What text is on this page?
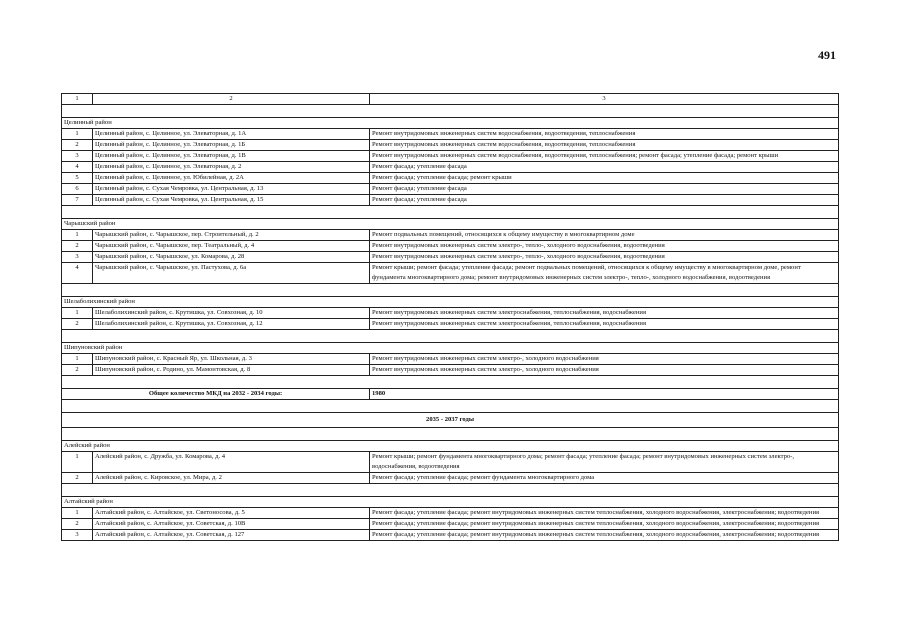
491
1	2	3

Целинный район		
1	Целинный район, с. Целинное, ул. Элеваторная, д. 1А	Ремонт внутридомовых инженерных систем водоснабжения, водоотведения, теплоснабжения
2	Целинный район, с. Целинное, ул. Элеваторная, д. 1Б	Ремонт внутридомовых инженерных систем водоснабжения, водоотведения, теплоснабжения
3	Целинный район, с. Целинное, ул. Элеваторная, д. 1В	Ремонт внутридомовых инженерных систем водоснабжения, водоотведения, теплоснабжения; ремонт фасада; утепление фасада; ремонт крыши
4	Целинный район, с. Целинное, ул. Элеваторная, д. 2	Ремонт фасада; утепление фасада
5	Целинный район, с. Целинное, ул. Юбилейная, д. 2А	Ремонт фасада; утепление фасада; ремонт крыши
6	Целинный район, с. Сухая Чемровка, ул. Центральная, д. 13	Ремонт фасада; утепление фасада
7	Целинный район, с. Сухая Чемровка, ул. Центральная, д. 15	Ремонт фасада; утепление фасада

Чарышский район		
1	Чарышский район, с. Чарышское, пер. Строительный, д. 2	Ремонт подвальных помещений, относящихся к общему имуществу в многоквартирном доме
2	Чарышский район, с. Чарышское, пер. Театральный, д. 4	Ремонт внутридомовых инженерных систем электро-, тепло-, холодного водоснабжения, водоотведения
3	Чарышский район, с. Чарышское, ул. Комарова, д. 28	Ремонт внутридомовых инженерных систем электро-, тепло-, холодного водоснабжения, водоотведения
4	Чарышский район, с. Чарышское, ул. Пастухова, д. 6а	Ремонт крыши; ремонт фасада; утепление фасада; ремонт подвальных помещений, относящихся к общему имуществу в многоквартирном доме, ремонт фундамента многоквартирного дома; ремонт внутридомовых инженерных систем электро-, тепло-, холодного водоснабжения, водоотведения

Шелаболихинский район		
1	Шелаболихинский район, с. Крутишка, ул. Совхозная, д. 10	Ремонт внутридомовых инженерных систем электроснабжения, теплоснабжения, водоснабжения
2	Шелаболихинский район, с. Крутишка, ул. Совхозная, д. 12	Ремонт внутридомовых инженерных систем электроснабжения, теплоснабжения, водоснабжения

Шипуновский район		
1	Шипуновский район, с. Красный Яр, ул. Школьная, д. 3	Ремонт внутридомовых инженерных систем электро-, холодного водоснабжения
2	Шипуновский район, с. Родино, ул. Мамонтовская, д. 8	Ремонт внутридомовых инженерных систем электро-, холодного водоснабжения

Общее количество МКД на 2032 - 2034 годы:		1980

2035 - 2037 годы		

Алейский район		
1	Алейский район, с. Дружба, ул. Комарова, д. 4	Ремонт крыши; ремонт фундамента многоквартирного дома; ремонт фасада; утепление фасада; ремонт внутридомовых инженерных систем электро-, водоснабжения, водоотведения
2	Алейский район, с. Кировское, ул. Мира, д. 2	Ремонт фасада; утепление фасада; ремонт фундамента многоквартирного дома

Алтайский район		
1	Алтайский район, с. Алтайское, ул. Светоносова, д. 5	Ремонт фасада; утепление фасада; ремонт внутридомовых инженерных систем теплоснабжения, холодного водоснабжения, электроснабжения; водоотведения
2	Алтайский район, с. Алтайское, ул. Советская, д. 10В	Ремонт фасада; утепление фасада; ремонт внутридомовых инженерных систем теплоснабжения, холодного водоснабжения, электроснабжения; водоотведения
3	Алтайский район, с. Алтайское, ул. Советская, д. 127	Ремонт фасада; утепление фасада; ремонт внутридомовых инженерных систем теплоснабжения, холодного водоснабжения, электроснабжения; водоотведения
